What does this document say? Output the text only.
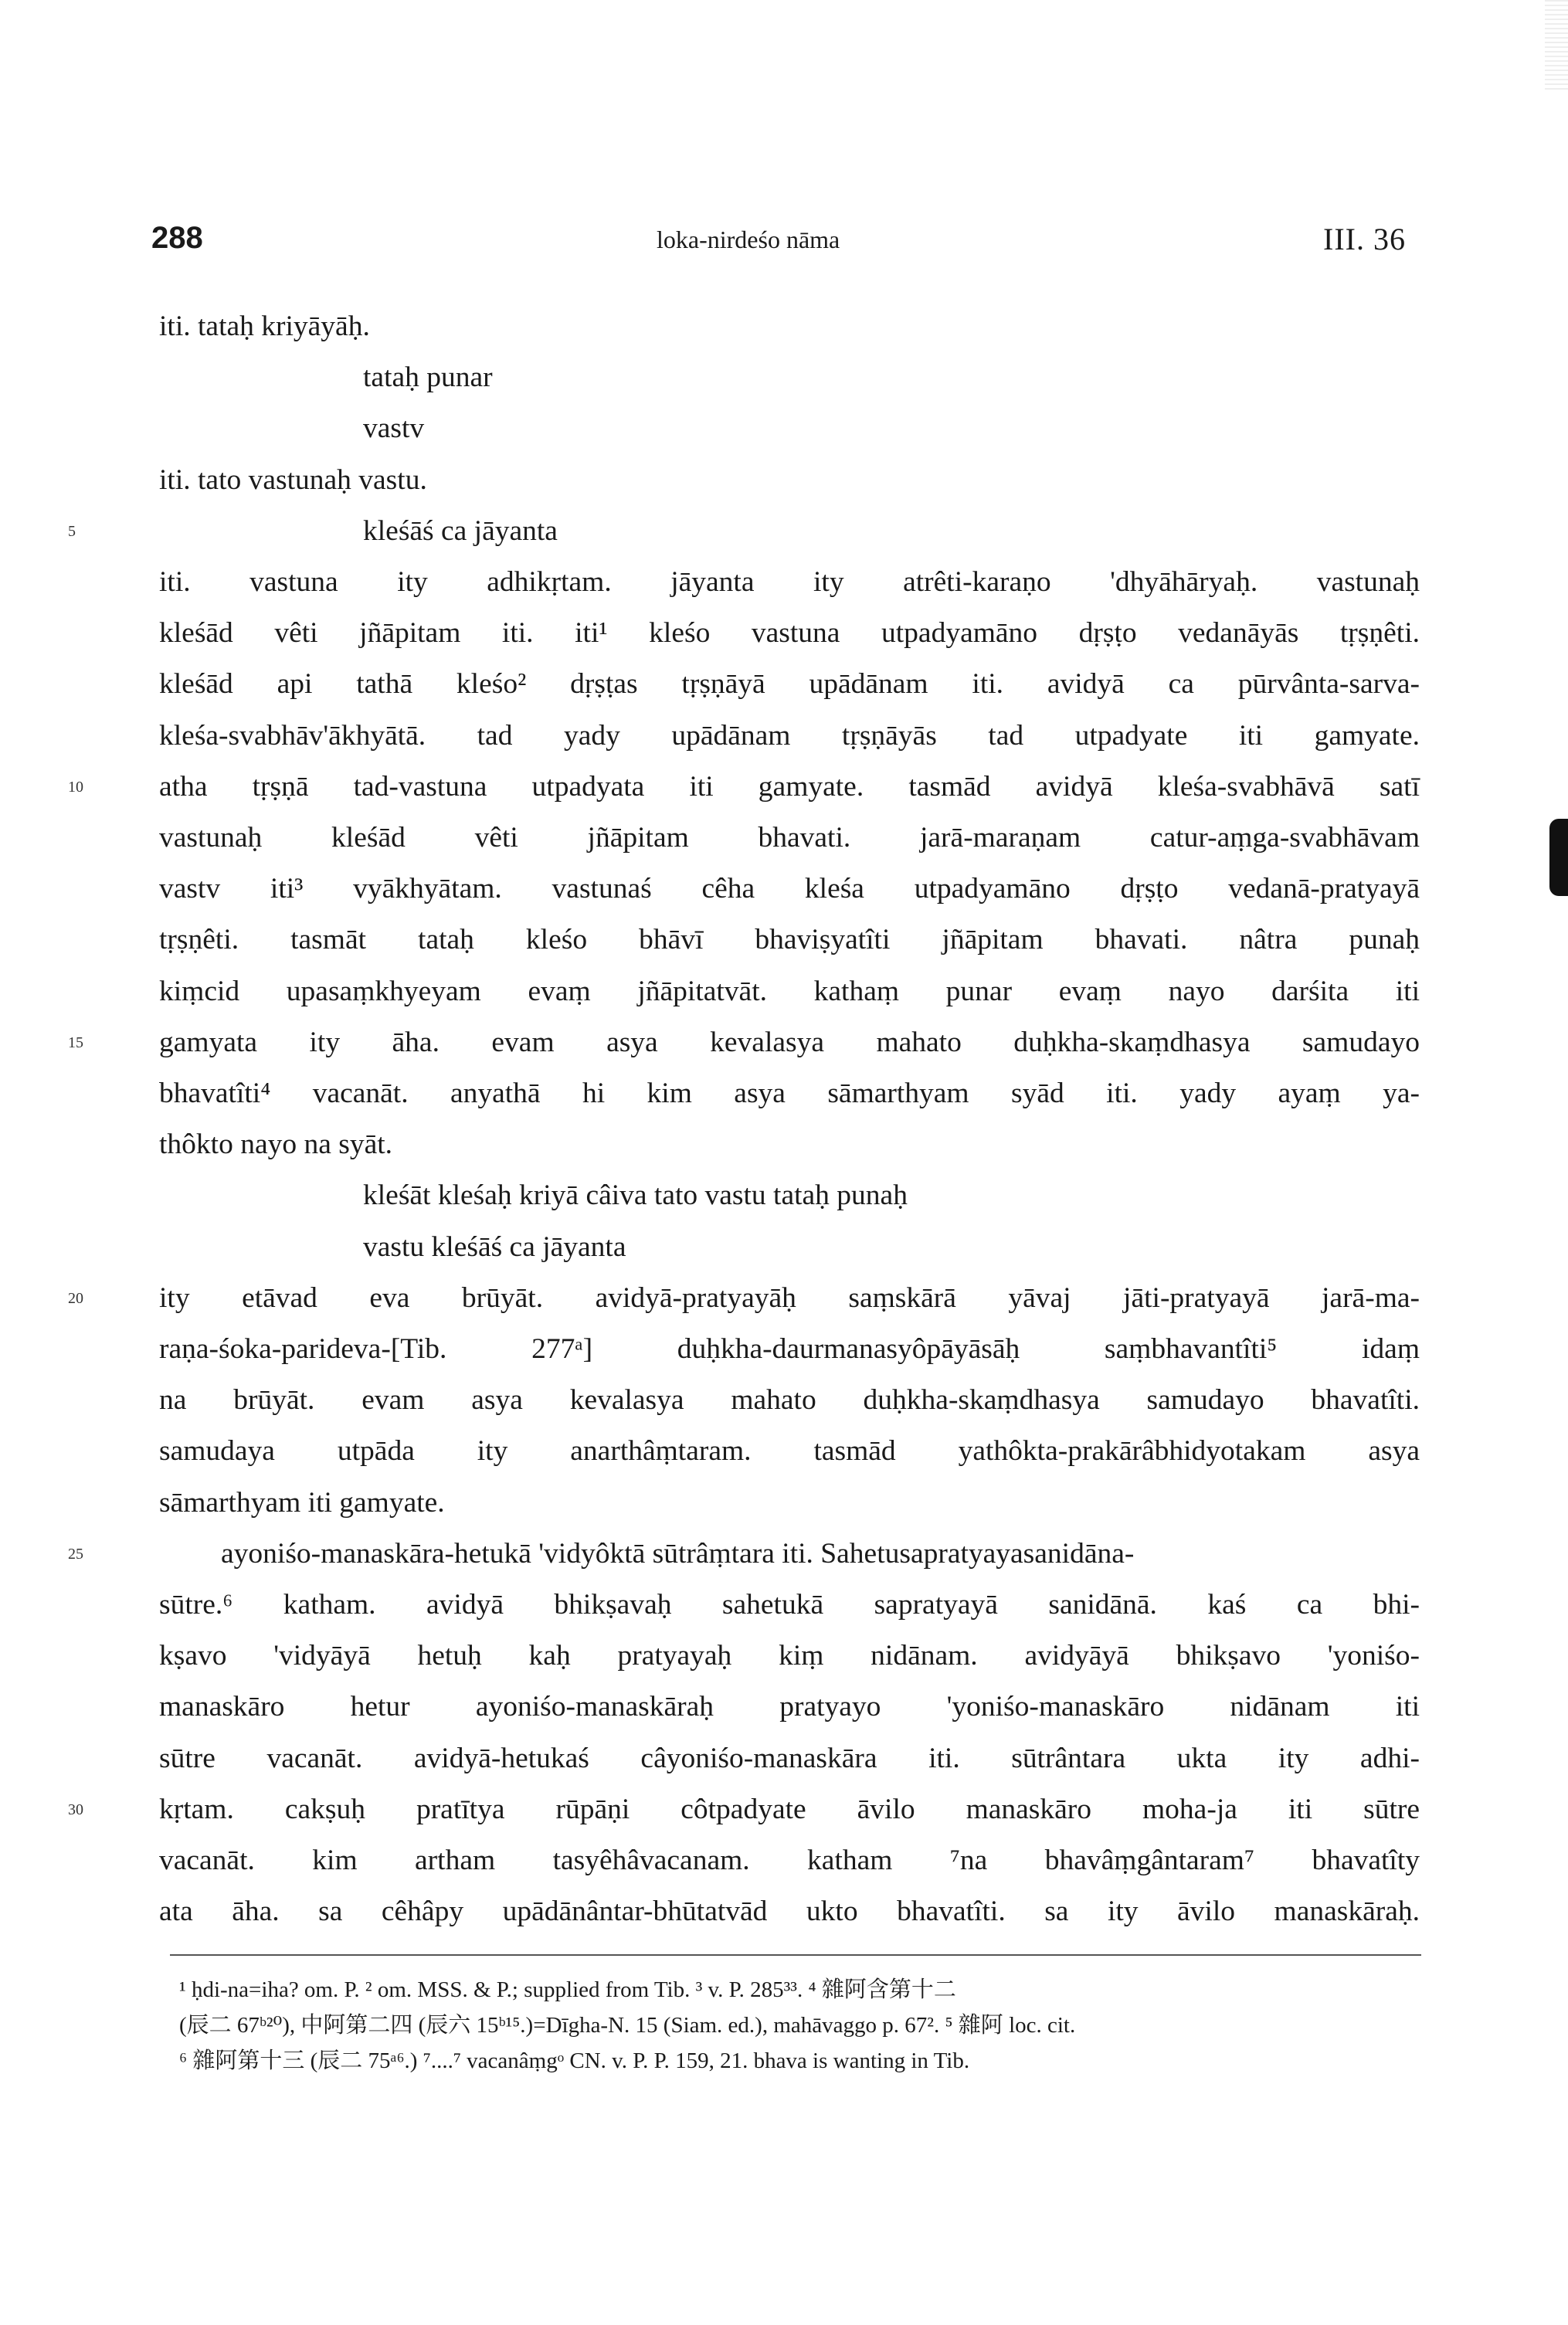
288	loka-nirdeśo nāma	III. 36
iti. tataḥ kriyāyāḥ.
tataḥ punar
vastv
iti. tato vastunaḥ vastu.
5	kleśāś ca jāyanta
iti. vastuna ity adhikṛtam. jāyanta ity atrêti-karaṇo 'dhyāhāryaḥ. vastunaḥ
kleśād vêti jñāpitam iti. iti¹ kleśo vastuna utpadyamāno dṛṣṭo vedanāyās tṛṣṇêti.
kleśād api tathā kleśo² dṛṣṭas tṛṣṇāyā upādānam iti. avidyā ca pūrvânta-sarva-
kleśa-svabhāv'ākhyātā. tad yady upādānam tṛṣṇāyās tad utpadyate iti gamyate.
10	atha tṛṣṇā tad-vastuna utpadyata iti gamyate. tasmād avidyā kleśa-svabhāvā satī
vastunaḥ kleśād vêti jñāpitam bhavati. jarā-maraṇam catur-aṃga-svabhāvam
vastv iti³ vyākhyātam. vastunaś cêha kleśa utpadyamāno dṛṣṭo vedanā-pratyayā
tṛṣṇêti. tasmāt tataḥ kleśo bhāvī bhaviṣyatîti jñāpitam bhavati. nâtra punaḥ
kiṃcid upasaṃkhyeyam evaṃ jñāpitatvāt. kathaṃ punar evaṃ nayo darśita iti
15	gamyata ity āha. evam asya kevalasya mahato duḥkha-skaṃdhasya samudayo
bhavatîti⁴ vacanāt. anyathā hi kim asya sāmarthyam syād iti. yady ayaṃ ya-
thôkto nayo na syāt.
kleśāt kleśaḥ kriyā câiva tato vastu tataḥ punaḥ
vastu kleśāś ca jāyanta
20	ity etāvad eva brūyāt. avidyā-pratyayāḥ saṃskārā yāvaj jāti-pratyayā jarā-ma-
raṇa-śoka-parideva-[Tib. 277ᵃ] duḥkha-daurmanasyôpāyāsāḥ saṃbhavantîti⁵ idaṃ
na brūyāt. evam asya kevalasya mahato duḥkha-skaṃdhasya samudayo bhavatîti.
samudaya utpāda ity anarthâṃtaram. tasmād yathôkta-prakārâbhidyotakam asya
sāmarthyam iti gamyate.
25	ayoniśo-manaskāra-hetukā 'vidyôktā sūtrâṃtara iti. Sahetusapratyayasanidāna-
sūtre.⁶ katham. avidyā bhikṣavaḥ sahetukā sapratyayā sanidānā. kaś ca bhi-
kṣavo 'vidyāyā hetuḥ kaḥ pratyayaḥ kiṃ nidānam. avidyāyā bhikṣavo 'yoniśo-
manaskāro hetur ayoniśo-manaskāraḥ pratyayo 'yoniśo-manaskāro nidānam iti
sūtre vacanāt. avidyā-hetukaś câyoniśo-manaskāra iti. sūtrântara ukta ity adhi-
30	kṛtam. cakṣuḥ pratītya rūpāṇi côtpadyate āvilo manaskāro moha-ja iti sūtre
vacanāt. kim artham tasyêhâvacanam. katham ⁷na bhavâṃgântaram⁷ bhavatîty
ata āha. sa cêhâpy upādānântar-bhūtatvād ukto bhavatîti. sa ity āvilo manaskāraḥ.
¹ ḥdi-na=iha? om. P. ² om. MSS. & P.; supplied from Tib. ³ v. P. 285³³. ⁴ 雜阿含第十二
(辰二 67ᵇ²⁰), 中阿第二四 (辰六 15ᵇ¹⁵.)=Dīgha-N. 15 (Siam. ed.), mahāvaggo p. 67². ⁵ 雜阿 loc. cit.
⁶ 雜阿第十三 (辰二 75ᵃ⁶.) ⁷....⁷ vacanâṃgᵒ CN. v. P. P. 159, 21. bhava is wanting in Tib.
